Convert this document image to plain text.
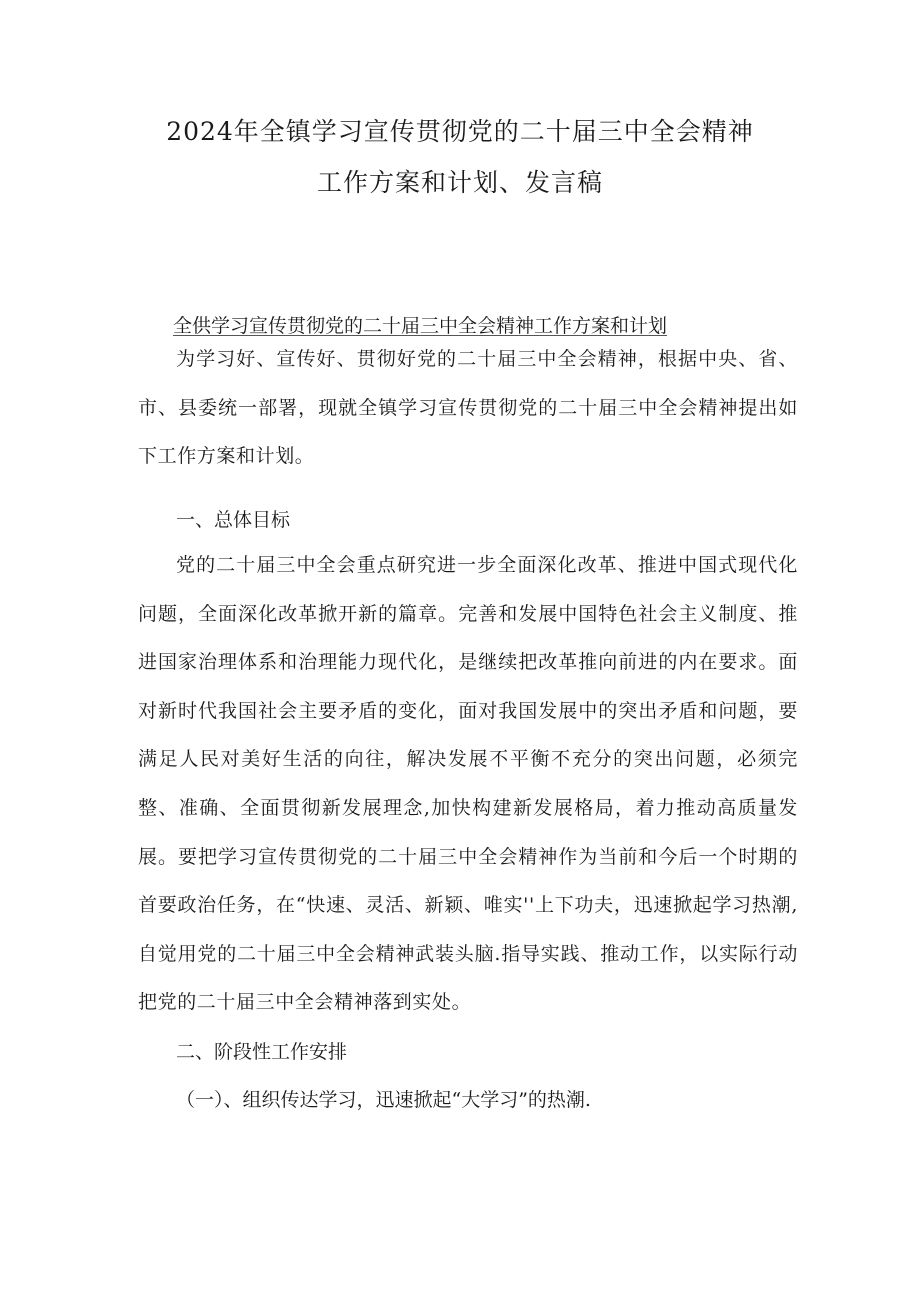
2024年全镇学习宣传贯彻党的二十届三中全会精神
工作方案和计划、发言稿
全供学习宣传贯彻党的二十届三中全会精神工作方案和计划

为学习好、宣传好、贯彻好党的二十届三中全会精神，根据中央、省、市、县委统一部署，现就全镇学习宣传贯彻党的二十届三中全会精神提出如下工作方案和计划。

一、总体目标

党的二十届三中全会重点研究进一步全面深化改革、推进中国式现代化问题，全面深化改革掀开新的篇章。完善和发展中国特色社会主义制度、推进国家治理体系和治理能力现代化，是继续把改革推向前进的内在要求。面对新时代我国社会主要矛盾的变化，面对我国发展中的突出矛盾和问题，要满足人民对美好生活的向往，解决发展不平衡不充分的突出问题，必须完整、准确、全面贯彻新发展理念,加快构建新发展格局，着力推动高质量发展。要把学习宣传贯彻党的二十届三中全会精神作为当前和今后一个时期的首要政治任务，在“快速、灵活、新颖、唯实''上下功夫，迅速掀起学习热潮,自觉用党的二十届三中全会精神武装头脑.指导实践、推动工作，以实际行动把党的二十届三中全会精神落到实处。

二、阶段性工作安排
（一）、组织传达学习，迅速掀起“大学习”的热潮.
